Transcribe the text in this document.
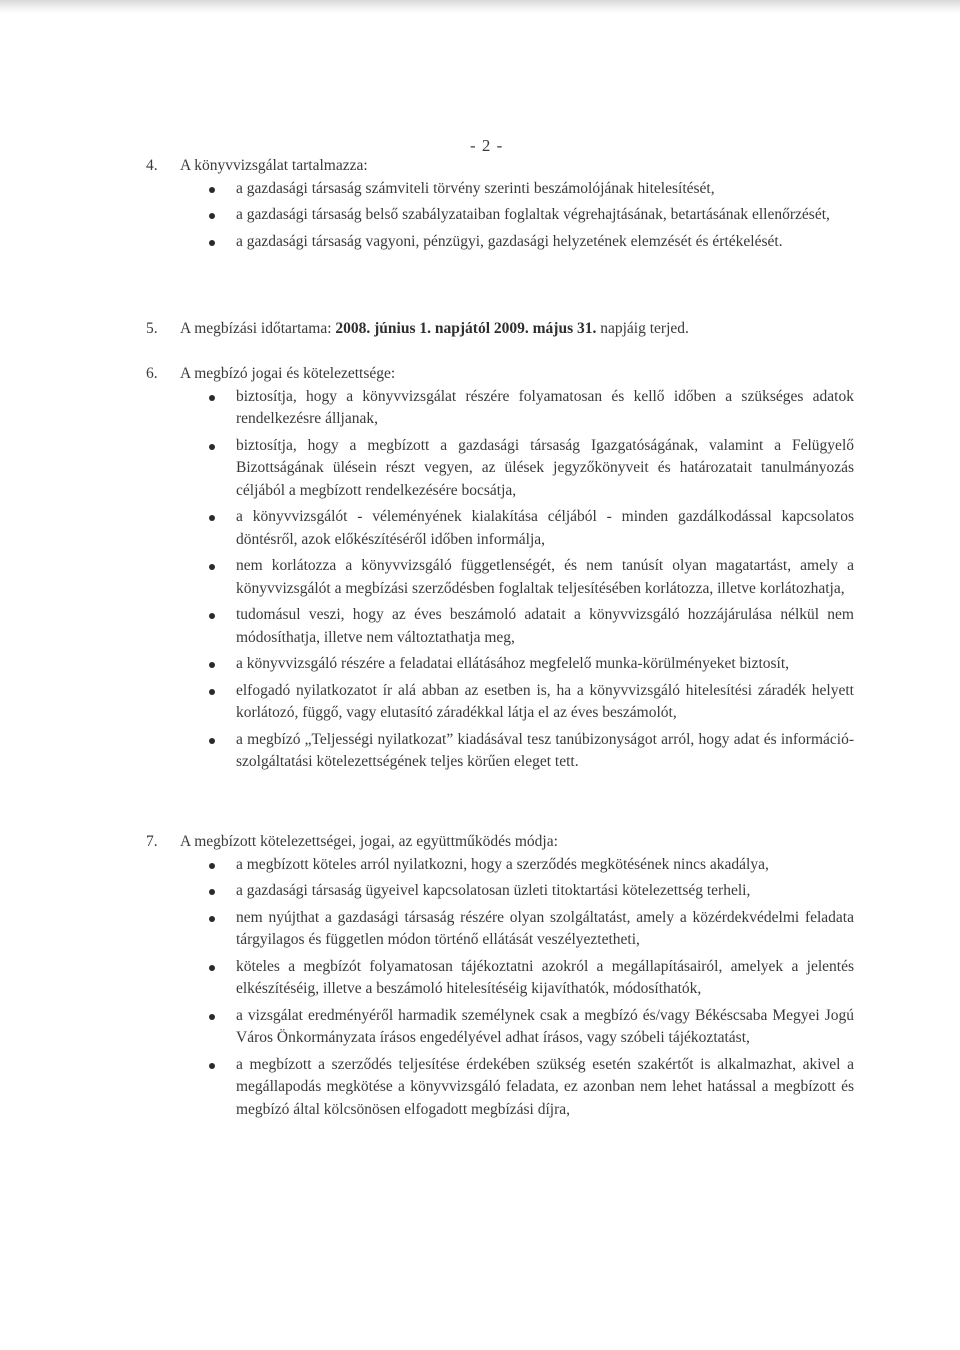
- 2 -
4.	A könyvvizsgálat tartalmazza:
a gazdasági társaság számviteli törvény szerinti beszámolójának hitelesítését,
a gazdasági társaság belső szabályzataiban foglaltak végrehajtásának, betartásának ellenőrzését,
a gazdasági társaság vagyoni, pénzügyi, gazdasági helyzetének elemzését és értékelését.
5.	A megbízási időtartama: 2008. június 1. napjától 2009. május 31. napjáig terjed.
6.	A megbízó jogai és kötelezettsége:
biztosítja, hogy a könyvvizsgálat részére folyamatosan és kellő időben a szükséges adatok rendelkezésre álljanak,
biztosítja, hogy a megbízott a gazdasági társaság Igazgatóságának, valamint a Felügyelő Bizottságának ülésein részt vegyen, az ülések jegyzőkönyveit és határozatait tanulmányozás céljából a megbízott rendelkezésére bocsátja,
a könyvvizsgálót - véleményének kialakítása céljából - minden gazdálkodással kapcsolatos döntésről, azok előkészítéséről időben informálja,
nem korlátozza a könyvvizsgáló függetlenségét, és nem tanúsít olyan magatartást, amely a könyvvizsgálót a megbízási szerződésben foglaltak teljesítésében korlátozza, illetve korlátozhatja,
tudomásul veszi, hogy az éves beszámoló adatait a könyvvizsgáló hozzájárulása nélkül nem módosíthatja, illetve nem változtathatja meg,
a könyvvizsgáló részére a feladatai ellátásához megfelelő munka-körülményeket biztosít,
elfogadó nyilatkozatot ír alá abban az esetben is, ha a könyvvizsgáló hitelesítési záradék helyett korlátozó, függő, vagy elutasító záradékkal látja el az éves beszámolót,
a megbízó „Teljességi nyilatkozat” kiadásával tesz tanúbizonyságot arról, hogy adat és információ-szolgáltatási kötelezettségének teljes körűen eleget tett.
7.	A megbízott kötelezettségei, jogai, az együttműködés módja:
a megbízott köteles arról nyilatkozni, hogy a szerződés megkötésének nincs akadálya,
a gazdasági társaság ügyeivel kapcsolatosan üzleti titoktartási kötelezettség terheli,
nem nyújthat a gazdasági társaság részére olyan szolgáltatást, amely a közérdekvédelmi feladata tárgyilagos és független módon történő ellátását veszélyeztetheti,
köteles a megbízót folyamatosan tájékoztatni azokról a megállapításairól, amelyek a jelentés elkészítéséig, illetve a beszámoló hitelesítéséig kijavíthatók, módosíthatók,
a vizsgálat eredményéről harmadik személynek csak a megbízó és/vagy Békéscsaba Megyei Jogú Város Önkormányzata írásos engedélyével adhat írásos, vagy szóbeli tájékoztatást,
a megbízott a szerződés teljesítése érdekében szükség esetén szakértőt is alkalmazhat, akivel a megállapodás megkötése a könyvvizsgáló feladata, ez azonban nem lehet hatással a megbízott és megbízó által kölcsönösen elfogadott megbízási díjra,
